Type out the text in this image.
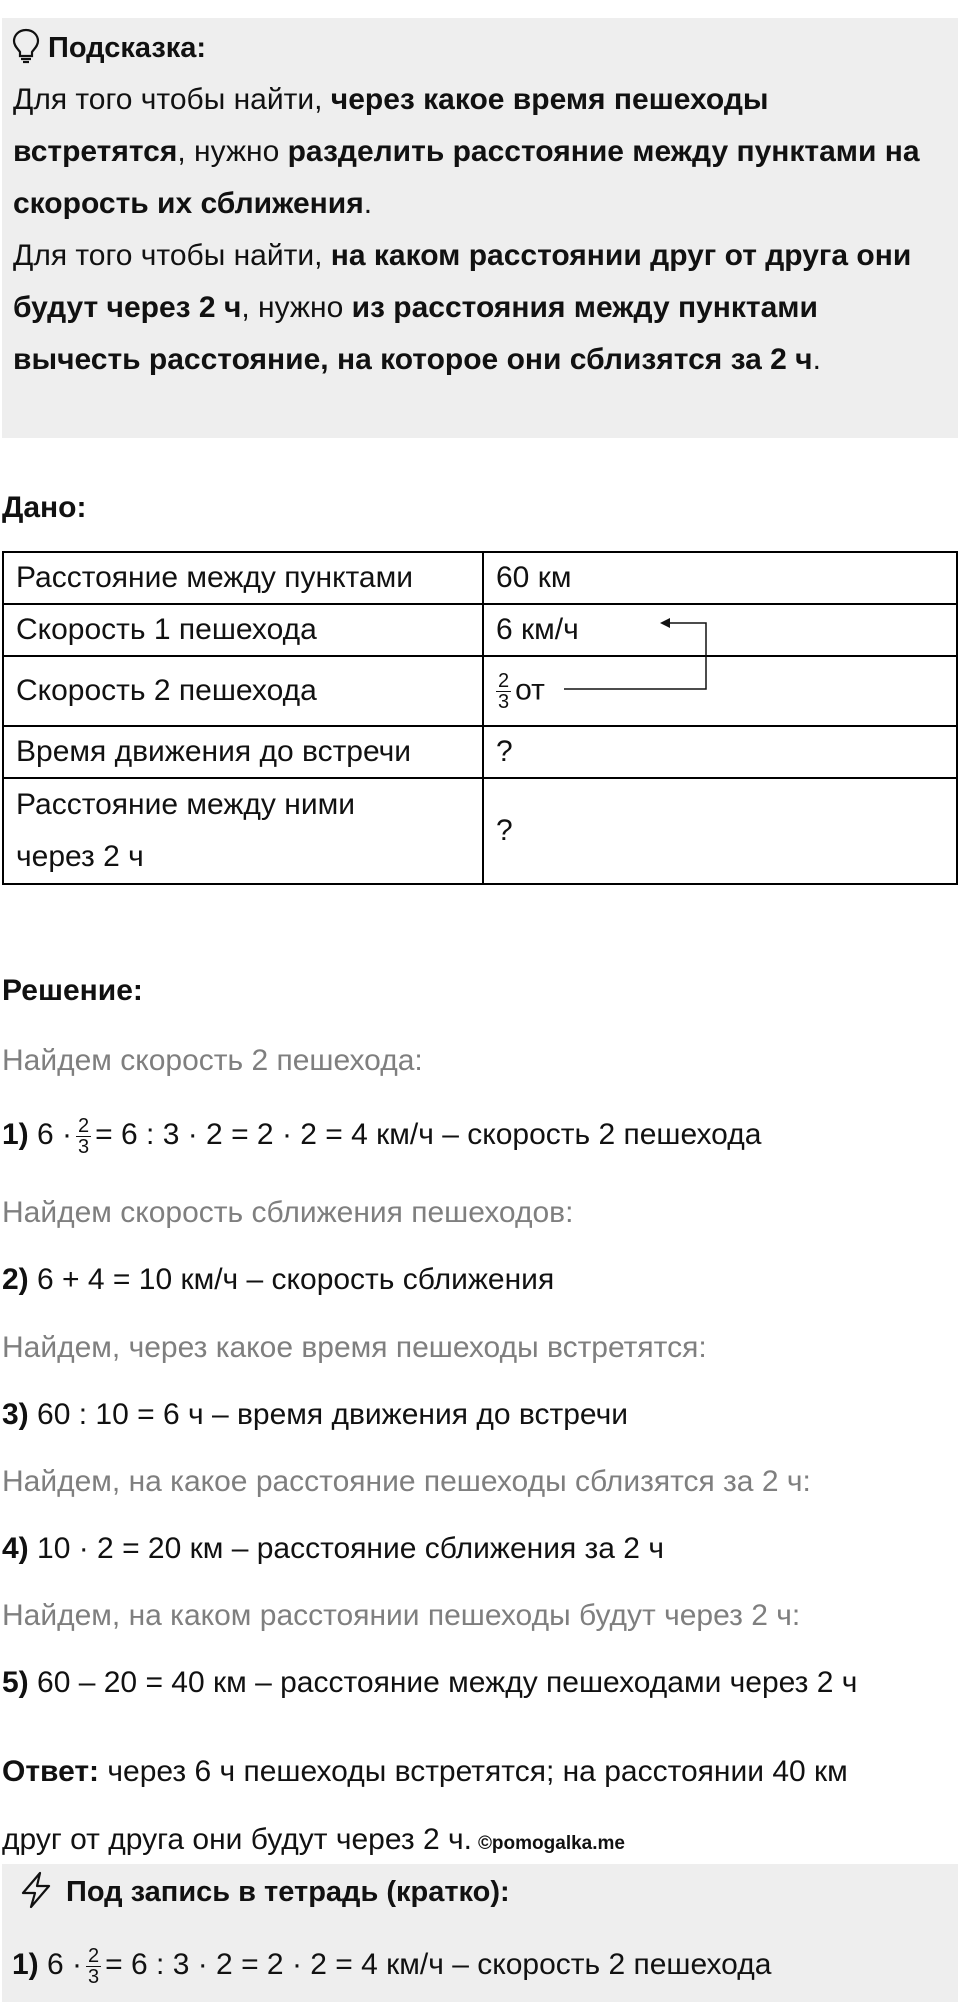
Подсказка:

Для того чтобы найти, через какое время пешеходы встретятся, нужно разделить расстояние между пунктами на скорость их сближения.

Для того чтобы найти, на каком расстоянии друг от друга они будут через 2 ч, нужно из расстояния между пунктами вычесть расстояние, на которое они сблизятся за 2 ч.

Дано:
Расстояние между пунктами	60 км
Скорость 1 пешехода	6 км/ч
Скорость 2 пешехода	$\frac{2}{3}$ от
Время движения до встречи	?

Расстояние между ними
через 2 ч	?
Решение:
Найдем скорость 2 пешехода:
1) $6 \cdot \frac{2}{3} = 6$ : 3 · 2 = 2 · 2 = 4 км/ч – скорость 2 пешехода
Найдем скорость сближения пешеходов:
2) 6 + 4 = 10 км/ч – скорость сближения
Найдем, через какое время пешеходы встретятся:
3) 60 : 10 = 6 ч – время движения до встречи
Найдем, на какое расстояние пешеходы сблизятся за 2 ч:
4) 10 · 2 = 20 км – расстояние сближения за 2 ч
Найдем, на каком расстоянии пешеходы будут через 2 ч:
5) 60 – 20 = 40 км – расстояние между пешеходами через 2 ч
Ответ: через 6 ч пешеходы встретятся; на расстоянии 40 км
друг от друга они будут через 2 ч. ©pomogalka.me
Под запись в тетрадь (кратко):
1) $6 \cdot \frac{2}{3} = 6$ : 3 · 2 = 2 · 2 = 4 км/ч – скорость 2 пешехода
